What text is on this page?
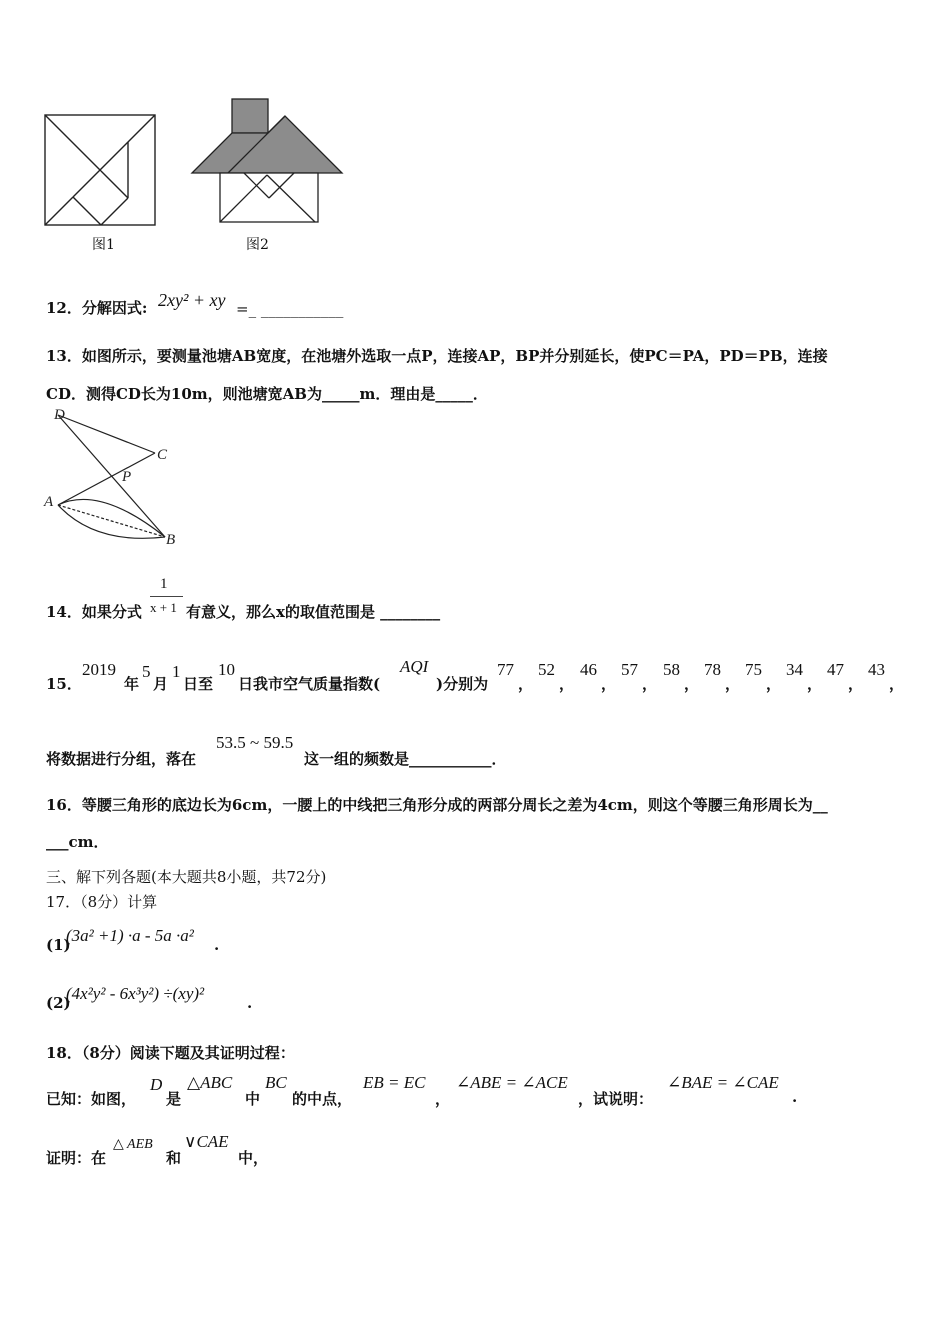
图1	图2
12．分解因式: 2xy² + xy =_ ___________
13．如图所示，要测量池塘AB宽度，在池塘外选取一点P，连接AP，BP并分别延长，使PC＝PA，PD＝PB，连接
CD．测得CD长为10m，则池塘宽AB为_____m．理由是_____．
D
C
P
A
B
14．如果分式
1
x + 1 有意义，那么x的取值范围是 ________
15．
2019
年
5
月
1
日至
10
日我市空气质量指数(
AQI
)分别为
77
，
52
，
46
，
57
，
58
，
78
，
75
，
34
，
47
，
43
，
将数据进行分组，落在
53.5 ~ 59.5
这一组的频数是___________．
16．等腰三角形的底边长为6cm，一腰上的中线把三角形分成的两部分周长之差为4cm，则这个等腰三角形周长为__
___cm．
三、解下列各题(本大题共8小题，共72分)
17．（8分）计算
(1)
(3a² +1) ·a - 5a ·a² .
(2)
(4x²y² - 6x³y²) ÷(xy)²	.
18．（8分）阅读下题及其证明过程：
已知：如图，
D
是
△ABC
中
BC
的中点，
EB = EC
，
∠ABE = ∠ACE
，试说明：
∠BAE = ∠CAE
.
证明：在
△ AEB
和
∨CAE
中，
